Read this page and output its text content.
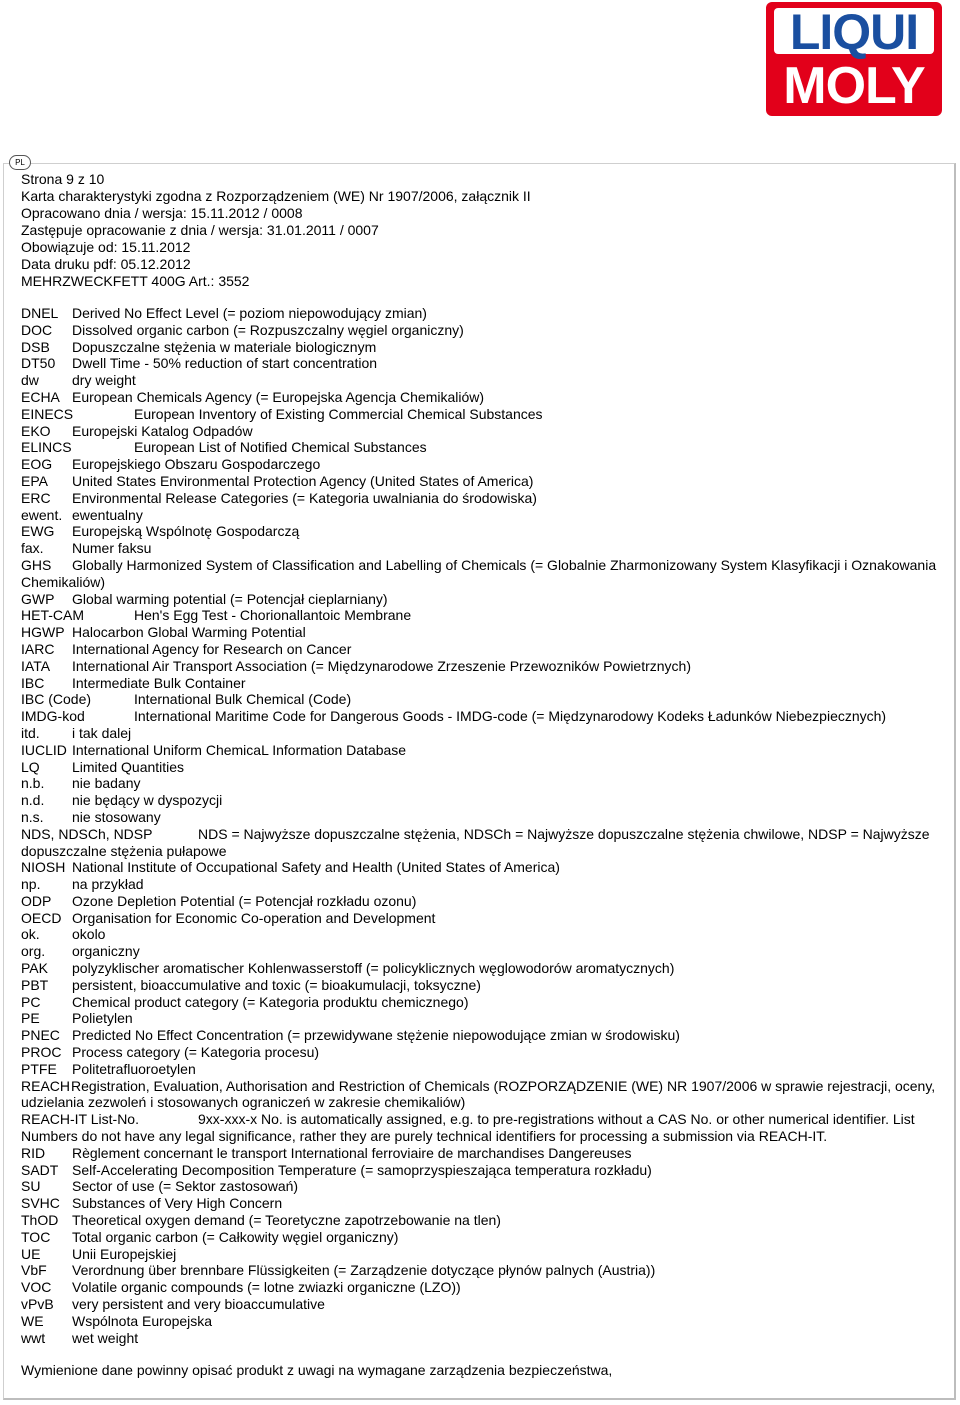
LIQUI
MOLY
PL
Strona 9 z 10
Karta charakterystyki zgodna z Rozporządzeniem (WE) Nr 1907/2006, załącznik II
Opracowano dnia / wersja: 15.11.2012 / 0008
Zastępuje opracowanie z dnia / wersja: 31.01.2011 / 0007
Obowiązuje od: 15.11.2012
Data druku pdf: 05.12.2012
MEHRZWECKFETT 400G Art.: 3552
DNEL Derived No Effect Level (= poziom niepowodujący zmian)
DOC Dissolved organic carbon (= Rozpuszczalny węgiel organiczny)
DSB Dopuszczalne stężenia w materiale biologicznym
DT50 Dwell Time - 50% reduction of start concentration
dw dry weight
ECHA European Chemicals Agency (= Europejska Agencja Chemikaliów)
EINECS	European Inventory of Existing Commercial Chemical Substances
EKO Europejski Katalog Odpadów
ELINCS	European List of Notified Chemical Substances
EOG Europejskiego Obszaru Gospodarczego
EPA United States Environmental Protection Agency (United States of America)
ERC Environmental Release Categories (= Kategoria uwalniania do środowiska)
ewent. ewentualny
EWG Europejską Wspólnotę Gospodarczą
fax. Numer faksu
GHS	Globally Harmonized System of Classification and Labelling of Chemicals (= Globalnie Zharmonizowany System Klasyfikacji i Oznakowania Chemikaliów)
GWP Global warming potential (= Potencjał cieplarniany)
HET-CAM	Hen's Egg Test - Chorionallantoic Membrane
HGWP Halocarbon Global Warming Potential
IARC International Agency for Research on Cancer
IATA International Air Transport Association (= Międzynarodowe Zrzeszenie Przewozników Powietrznych)
IBC Intermediate Bulk Container
IBC (Code)	International Bulk Chemical (Code)
IMDG-kod	International Maritime Code for Dangerous Goods - IMDG-code (= Międzynarodowy Kodeks Ładunków Niebezpiecznych)
itd. i tak dalej
IUCLID International Uniform ChemicaL Information Database
LQ Limited Quantities
n.b. nie badany
n.d. nie będący w dyspozycji
n.s. nie stosowany
NDS, NDSCh, NDSP	NDS = Najwyższe dopuszczalne stężenia, NDSCh = Najwyższe dopuszczalne stężenia chwilowe, NDSP = Najwyższe dopuszczalne stężenia pułapowe
NIOSH National Institute of Occupational Safety and Health (United States of America)
np. na przykład
ODP Ozone Depletion Potential (= Potencjał rozkładu ozonu)
OECD Organisation for Economic Co-operation and Development
ok. okolo
org. organiczny
PAK polyzyklischer aromatischer Kohlenwasserstoff (= policyklicznych węglowodorów aromatycznych)
PBT persistent, bioaccumulative and toxic (= bioakumulacji, toksyczne)
PC Chemical product category (= Kategoria produktu chemicznego)
PE Polietylen
PNEC Predicted No Effect Concentration (= przewidywane stężenie niepowodujące zmian w środowisku)
PROC Process category (= Kategoria procesu)
PTFE Politetrafluoroetylen
REACH Registration, Evaluation, Authorisation and Restriction of Chemicals (ROZPORZĄDZENIE (WE) NR 1907/2006 w sprawie rejestracji, oceny, udzielania zezwoleń i stosowanych ograniczeń w zakresie chemikaliów)
REACH-IT List-No.	9xx-xxx-x No. is automatically assigned, e.g. to pre-registrations without a CAS No. or other numerical identifier. List Numbers do not have any legal significance, rather they are purely technical identifiers for processing a submission via REACH-IT.
RID Règlement concernant le transport International ferroviaire de marchandises Dangereuses
SADT Self-Accelerating Decomposition Temperature (= samoprzyspieszająca temperatura rozkładu)
SU Sector of use (= Sektor zastosowań)
SVHC Substances of Very High Concern
ThOD Theoretical oxygen demand (= Teoretyczne zapotrzebowanie na tlen)
TOC Total organic carbon (= Całkowity węgiel organiczny)
UE Unii Europejskiej
VbF Verordnung über brennbare Flüssigkeiten (= Zarządzenie dotyczące płynów palnych (Austria))
VOC Volatile organic compounds (= lotne zwiazki organiczne (LZO))
vPvB very persistent and very bioaccumulative
WE Wspólnota Europejska
wwt wet weight
Wymienione dane powinny opisać produkt z uwagi na wymagane zarządzenia bezpieczeństwa,
